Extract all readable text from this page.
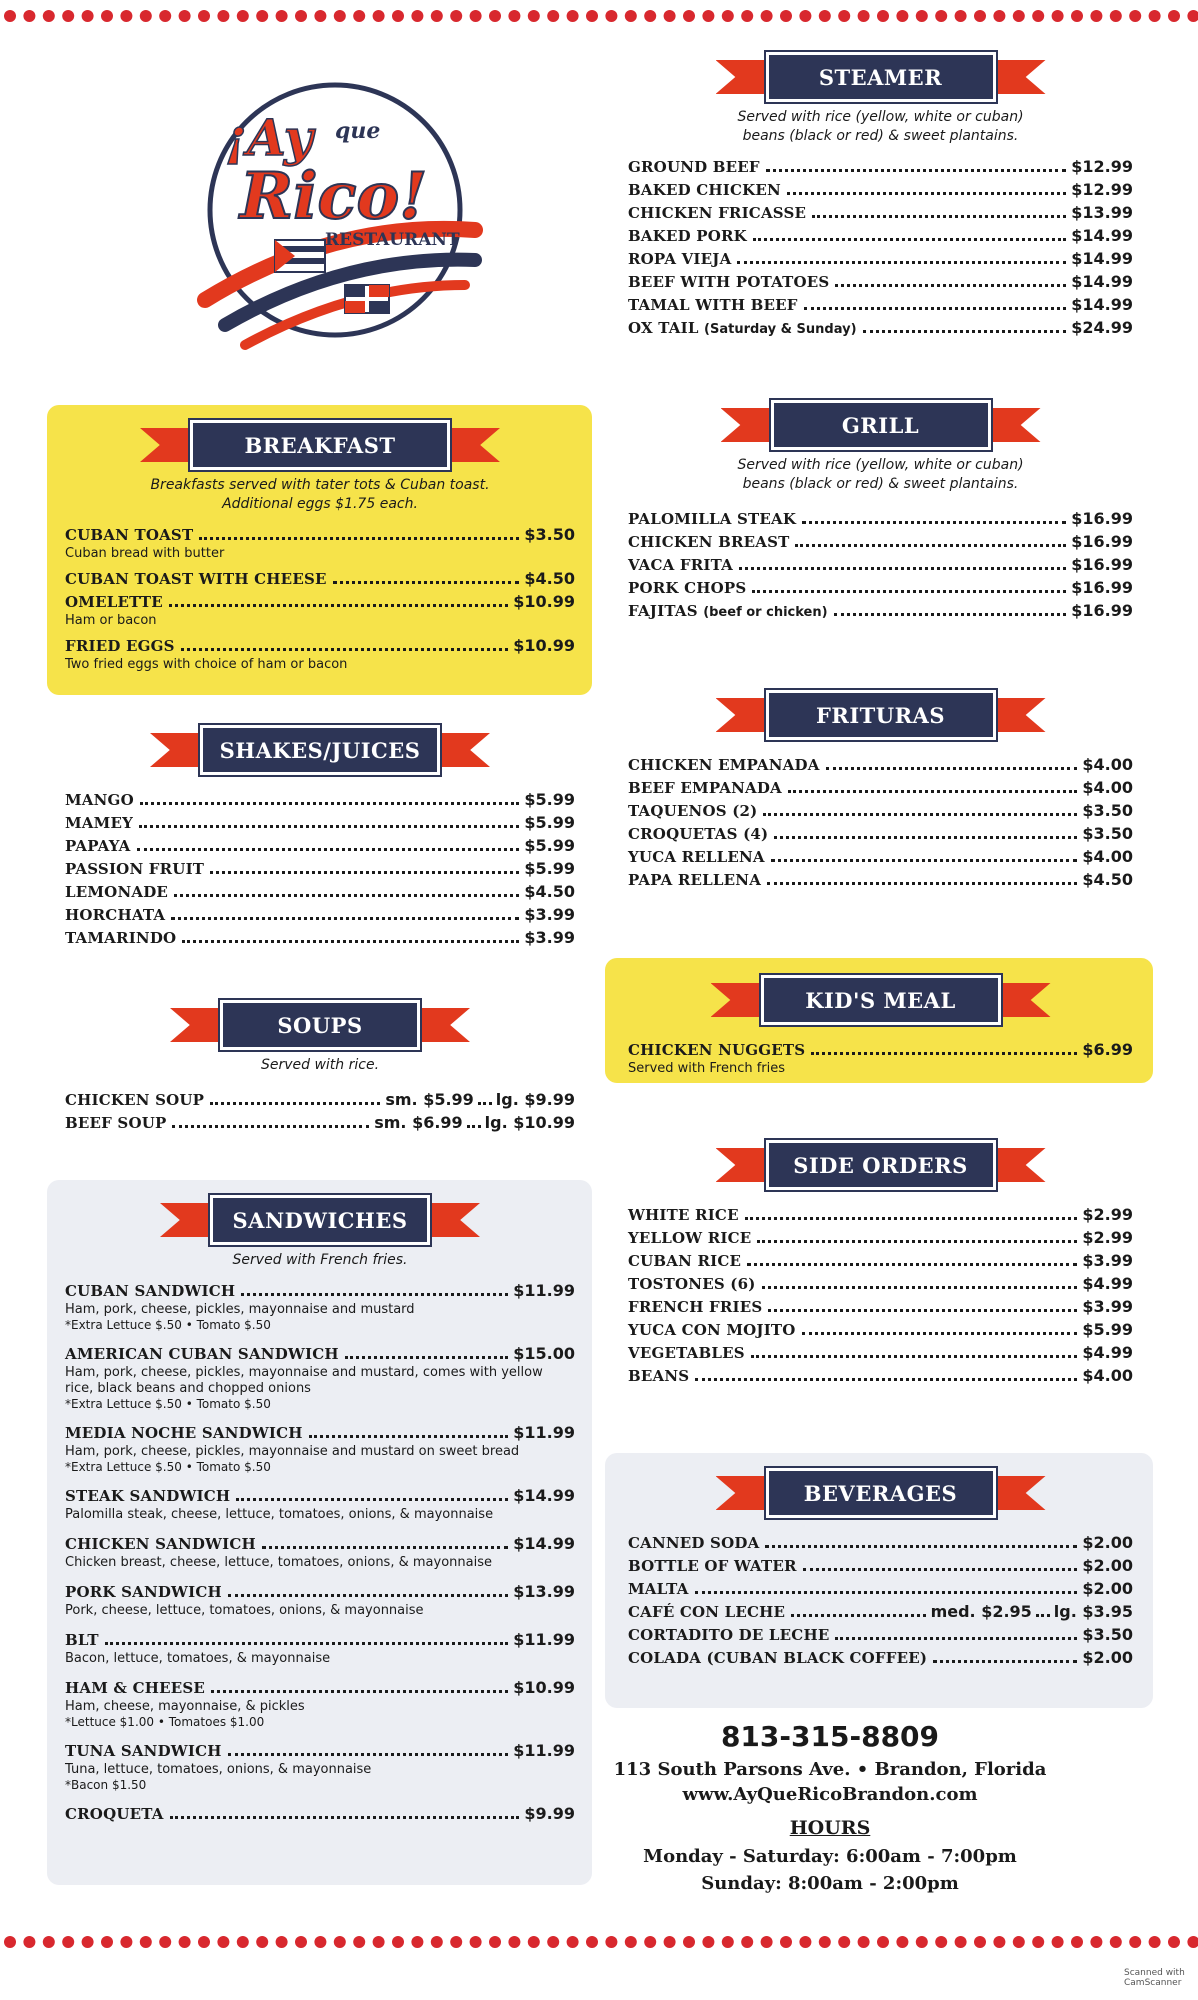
¡Ay que
Rico!
RESTAURANT
BREAKFAST
Breakfasts served with tater tots & Cuban toast.
Additional eggs $1.75 each.
CUBAN TOAST	$3.50
Cuban bread with butter
CUBAN TOAST WITH CHEESE	$4.50
OMELETTE	$10.99
Ham or bacon
FRIED EGGS	$10.99
Two fried eggs with choice of ham or bacon
SHAKES/JUICES
MANGO	$5.99
MAMEY	$5.99
PAPAYA	$5.99
PASSION FRUIT	$5.99
LEMONADE	$4.50
HORCHATA	$3.99
TAMARINDO	$3.99
SOUPS
Served with rice.
CHICKEN SOUP	sm. $5.99 lg. $9.99
BEEF SOUP	sm. $6.99 lg. $10.99
SANDWICHES
Served with French fries.
CUBAN SANDWICH	$11.99
Ham, pork, cheese, pickles, mayonnaise and mustard
*Extra Lettuce $.50 • Tomato $.50
AMERICAN CUBAN SANDWICH	$15.00
Ham, pork, cheese, pickles, mayonnaise and mustard, comes with yellow rice, black beans and chopped onions
*Extra Lettuce $.50 • Tomato $.50
MEDIA NOCHE SANDWICH	$11.99
Ham, pork, cheese, pickles, mayonnaise and mustard on sweet bread
*Extra Lettuce $.50 • Tomato $.50
STEAK SANDWICH	$14.99
Palomilla steak, cheese, lettuce, tomatoes, onions, & mayonnaise
CHICKEN SANDWICH	$14.99
Chicken breast, cheese, lettuce, tomatoes, onions, & mayonnaise
PORK SANDWICH	$13.99
Pork, cheese, lettuce, tomatoes, onions, & mayonnaise
BLT	$11.99
Bacon, lettuce, tomatoes, & mayonnaise
HAM & CHEESE	$10.99
Ham, cheese, mayonnaise, & pickles
*Lettuce $1.00 • Tomatoes $1.00
TUNA SANDWICH	$11.99
Tuna, lettuce, tomatoes, onions, & mayonnaise
*Bacon $1.50
CROQUETA	$9.99
STEAMER
Served with rice (yellow, white or cuban)
beans (black or red) & sweet plantains.
GROUND BEEF	$12.99
BAKED CHICKEN	$12.99
CHICKEN FRICASSE	$13.99
BAKED PORK	$14.99
ROPA VIEJA	$14.99
BEEF WITH POTATOES	$14.99
TAMAL WITH BEEF	$14.99
OX TAIL (Saturday & Sunday)	$24.99
GRILL
Served with rice (yellow, white or cuban)
beans (black or red) & sweet plantains.
PALOMILLA STEAK	$16.99
CHICKEN BREAST	$16.99
VACA FRITA	$16.99
PORK CHOPS	$16.99
FAJITAS (beef or chicken)	$16.99
FRITURAS
CHICKEN EMPANADA	$4.00
BEEF EMPANADA	$4.00
TAQUENOS (2)	$3.50
CROQUETAS (4)	$3.50
YUCA RELLENA	$4.00
PAPA RELLENA	$4.50
KID'S MEAL
CHICKEN NUGGETS	$6.99
Served with French fries
SIDE ORDERS
WHITE RICE	$2.99
YELLOW RICE	$2.99
CUBAN RICE	$3.99
TOSTONES (6)	$4.99
FRENCH FRIES	$3.99
YUCA CON MOJITO	$5.99
VEGETABLES	$4.99
BEANS	$4.00
BEVERAGES
CANNED SODA	$2.00
BOTTLE OF WATER	$2.00
MALTA	$2.00
CAFÉ CON LECHE	med. $2.95 lg. $3.95
CORTADITO DE LECHE	$3.50
COLADA (CUBAN BLACK COFFEE)	$2.00
813-315-8809
113 South Parsons Ave. • Brandon, Florida
www.AyQueRicoBrandon.com
HOURS
Monday - Saturday: 6:00am - 7:00pm
Sunday: 8:00am - 2:00pm
Scanned with
CamScanner
